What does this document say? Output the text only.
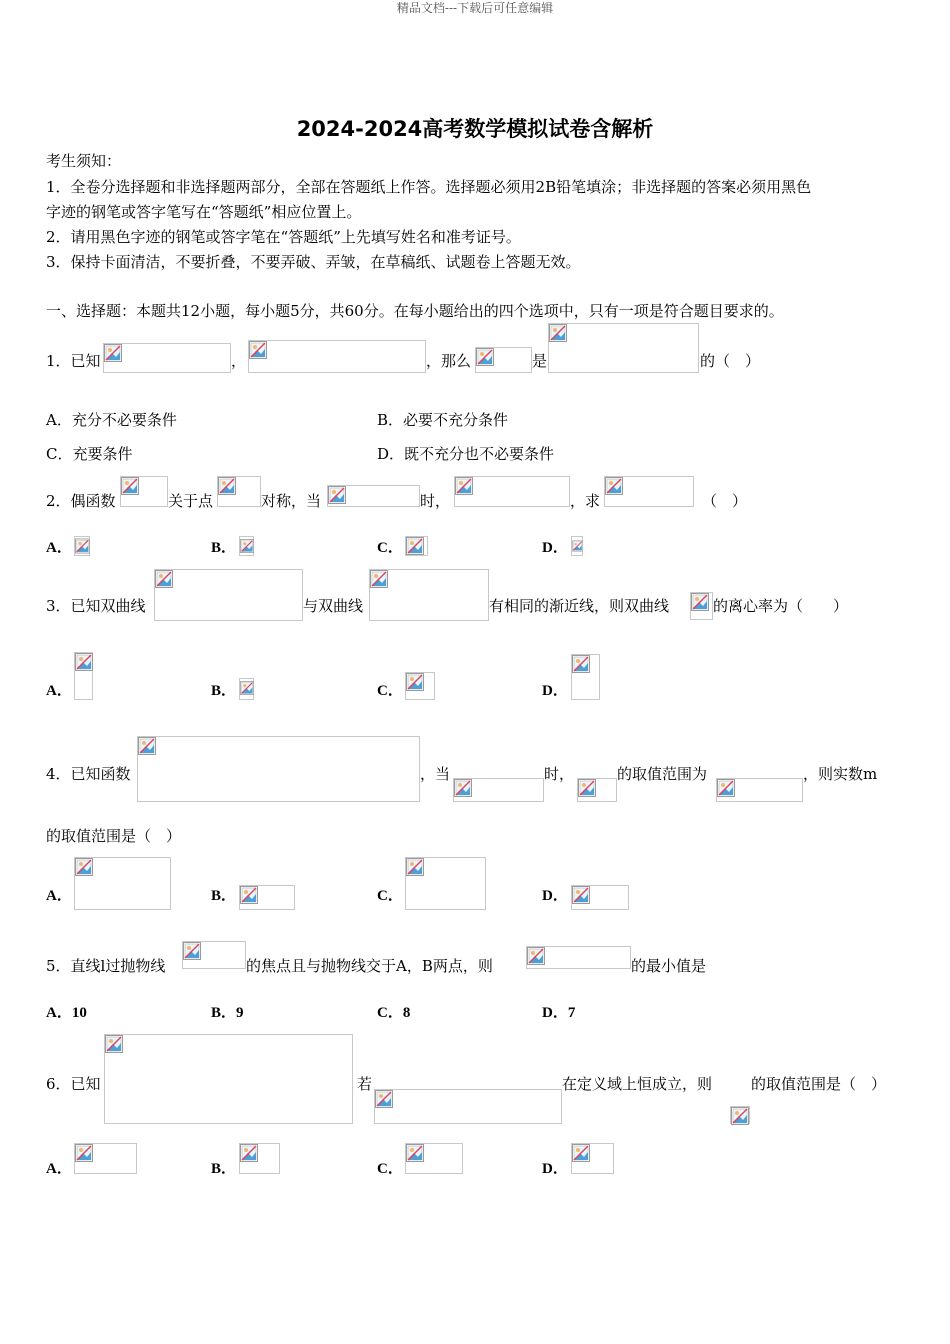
精品文档---下载后可任意编辑
2024-2024高考数学模拟试卷含解析
考生须知：
1．全卷分选择题和非选择题两部分，全部在答题纸上作答。选择题必须用2B铅笔填涂；非选择题的答案必须用黑色
字迹的钢笔或答字笔写在“答题纸”相应位置上。
2．请用黑色字迹的钢笔或答字笔在“答题纸”上先填写姓名和准考证号。
3．保持卡面清洁，不要折叠，不要弄破、弄皱，在草稿纸、试题卷上答题无效。
一、选择题：本题共12小题，每小题5分，共60分。在每小题给出的四个选项中，只有一项是符合题目要求的。
1．已知	，	，那么	是	的（　）
A．充分不必要条件	B．必要不充分条件
C．充要条件	D．既不充分也不必要条件
2．偶函数	关于点	对称，当	时，	，求	（　）
A．	B．	C．	D．
3．已知双曲线	与双曲线	有相同的渐近线，则双曲线	的离心率为（　　）
A．	B．	C．	D．
4．已知函数	，当	时，	的取值范围为	，则实数m
的取值范围是（　）
A．	B．	C．	D．
5．直线l过抛物线	的焦点且与抛物线交于A，B两点，则	的最小值是
A．10	B．9	C．8	D．7
6．已知	若	在定义域上恒成立，则	的取值范围是（　）
A．	B．	C．	D．
